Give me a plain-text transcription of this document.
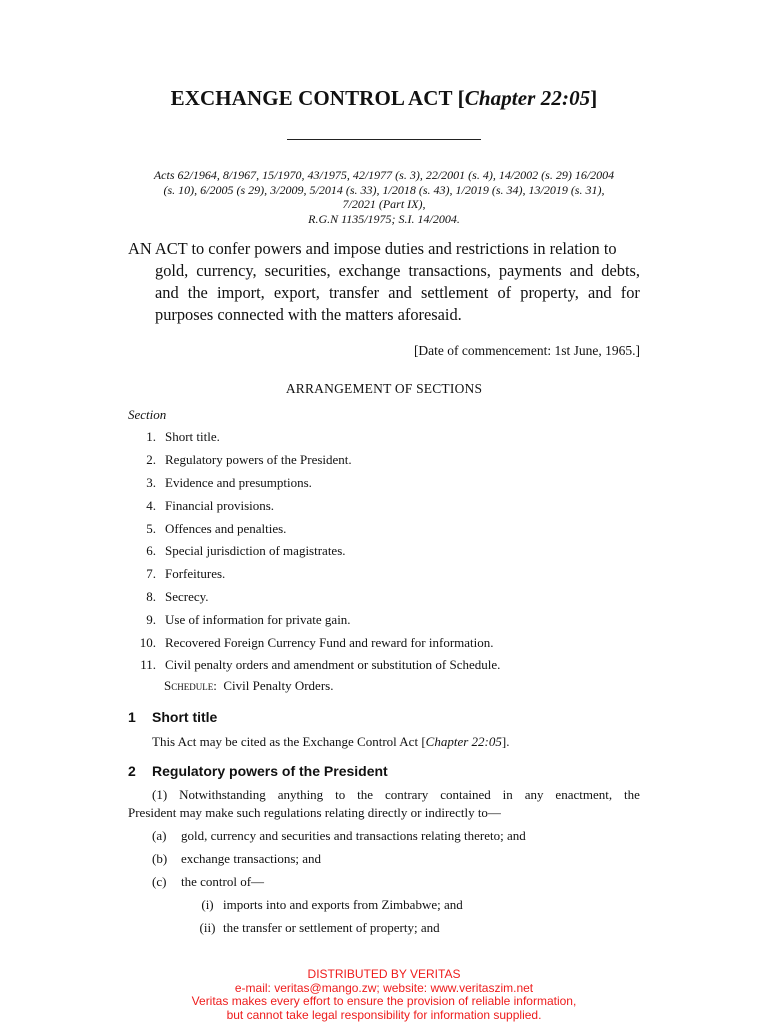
EXCHANGE CONTROL ACT [Chapter 22:05]
Acts 62/1964, 8/1967, 15/1970, 43/1975, 42/1977 (s. 3), 22/2001 (s. 4), 14/2002 (s. 29) 16/2004
(s. 10), 6/2005 (s 29), 3/2009, 5/2014 (s. 33), 1/2018 (s. 43), 1/2019 (s. 34), 13/2019 (s. 31),
7/2021 (Part IX),
R.G.N 1135/1975; S.I. 14/2004.
AN ACT to confer powers and impose duties and restrictions in relation to
gold, currency, securities, exchange transactions, payments and debts,
and the import, export, transfer and settlement of property, and for
purposes connected with the matters aforesaid.
[Date of commencement: 1st June, 1965.]
ARRANGEMENT OF SECTIONS
Section
1. Short title.
2. Regulatory powers of the President.
3. Evidence and presumptions.
4. Financial provisions.
5. Offences and penalties.
6. Special jurisdiction of magistrates.
7. Forfeitures.
8. Secrecy.
9. Use of information for private gain.
10. Recovered Foreign Currency Fund and reward for information.
11. Civil penalty orders and amendment or substitution of Schedule.
Schedule: Civil Penalty Orders.
1 Short title
This Act may be cited as the Exchange Control Act [Chapter 22:05].
2 Regulatory powers of the President
(1) Notwithstanding anything to the contrary contained in any enactment, the
President may make such regulations relating directly or indirectly to—
(a) gold, currency and securities and transactions relating thereto; and
(b) exchange transactions; and
(c) the control of—
(i) imports into and exports from Zimbabwe; and
(ii) the transfer or settlement of property; and
DISTRIBUTED BY VERITAS
e-mail: veritas@mango.zw; website: www.veritaszim.net
Veritas makes every effort to ensure the provision of reliable information,
but cannot take legal responsibility for information supplied.
